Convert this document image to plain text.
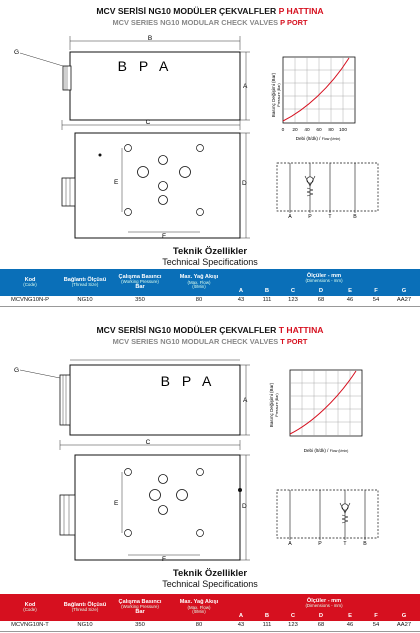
MCV SERİSİ NG10 MODÜLER ÇEKVALFLER P HATTINA
MCV SERIES NG10 MODULAR CHECK VALVES P PORT
B
B P A
G
A
C
E	D
F
0 20 40 60 80 100
Debi (lt/dk) / Flow (l/min)
Basınç Değişimi (Bar) Pressure (Bar)
A	P	T	B
B P A
G
A
C
E	D
F
Debi (lt/dk) / Flow (l/min)
Basınç Değişimi (Bar) Pressure (Bar)
A	P	T	B
Teknik Özellikler
Technical Specifications
Kod
(Code)	Bağlantı Ölçüsü
(Thread Size)	Çalışma Basıncı
(Working Pressure)
Bar	Max. Yağ Akışı
(Max. Flow)
(lt/Min)	Ölçüler - mm
(Dimensions - mm)						

				A	B	C	D	E	F	G
MCVNG10N-P	NG10	350	80	43	111	123	68	46	54	AA27
MCV SERİSİ NG10 MODÜLER ÇEKVALFLER T HATTINA
MCV SERIES NG10 MODULAR CHECK VALVES T PORT
Teknik Özellikler
Technical Specifications
Kod
(Code)	Bağlantı Ölçüsü
(Thread Size)	Çalışma Basıncı
(Working Pressure)
Bar	Max. Yağ Akışı
(Max. Flow)
(lt/Min)	Ölçüler - mm
(Dimensions - mm)						

				A	B	C	D	E	F	G
MCVNG10N-T	NG10	350	80	43	111	123	68	46	54	AA27
